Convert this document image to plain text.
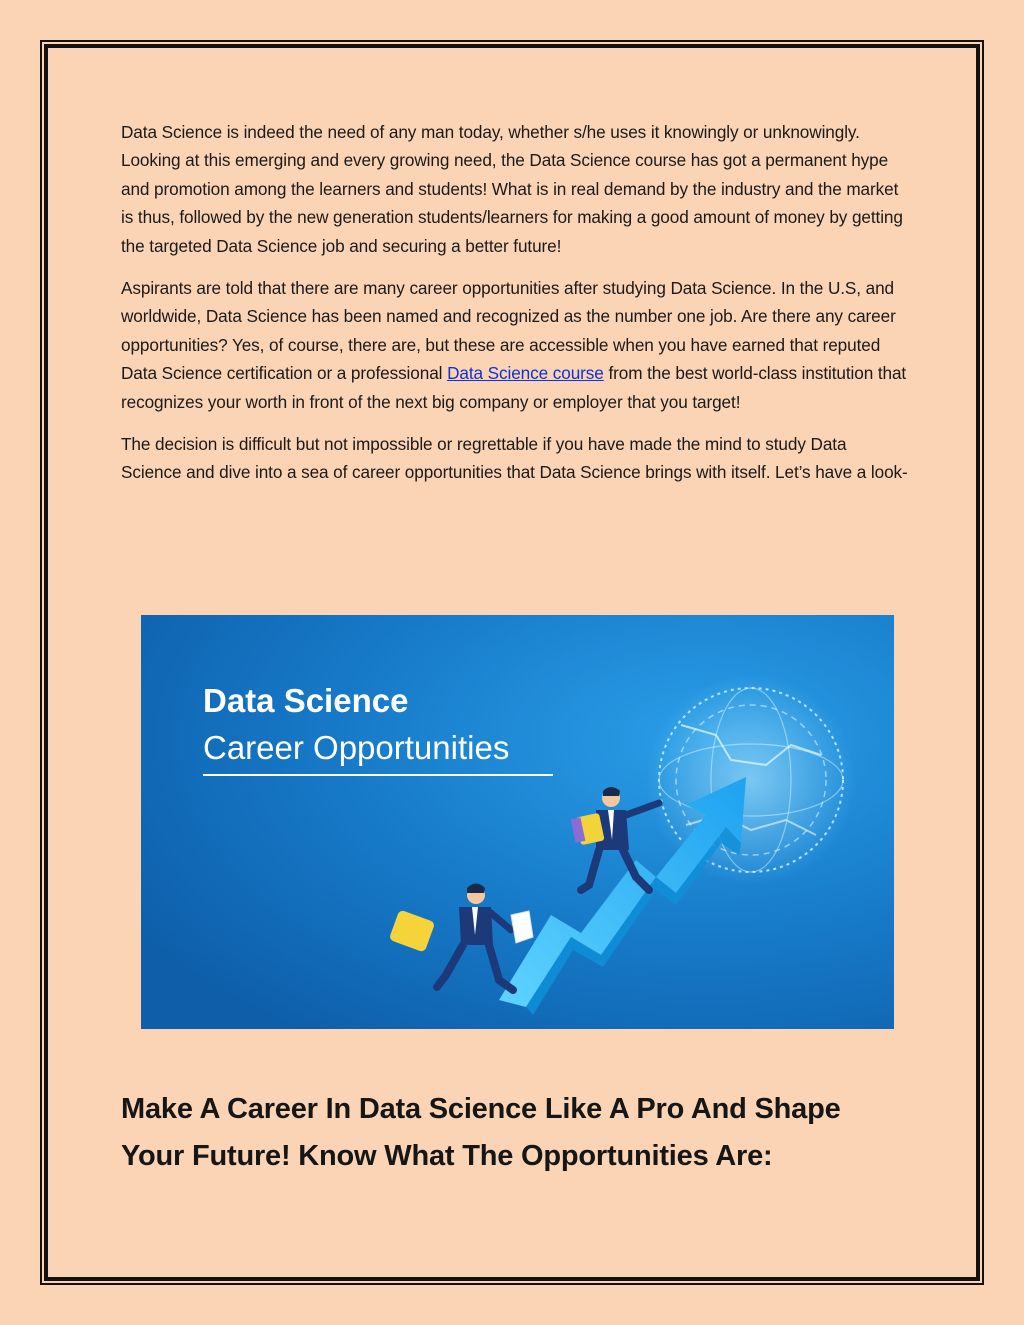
Data Science is indeed the need of any man today, whether s/he uses it knowingly or unknowingly. Looking at this emerging and every growing need, the Data Science course has got a permanent hype and promotion among the learners and students! What is in real demand by the industry and the market is thus, followed by the new generation students/learners for making a good amount of money by getting the targeted Data Science job and securing a better future!

Aspirants are told that there are many career opportunities after studying Data Science. In the U.S, and worldwide, Data Science has been named and recognized as the number one job. Are there any career opportunities? Yes, of course, there are, but these are accessible when you have earned that reputed Data Science certification or a professional Data Science course from the best world-class institution that recognizes your worth in front of the next big company or employer that you target!

The decision is difficult but not impossible or regrettable if you have made the mind to study Data Science and dive into a sea of career opportunities that Data Science brings with itself. Let’s have a look-

Data Science
Career Opportunities
Make A Career In Data Science Like A Pro And Shape
Your Future! Know What The Opportunities Are:
